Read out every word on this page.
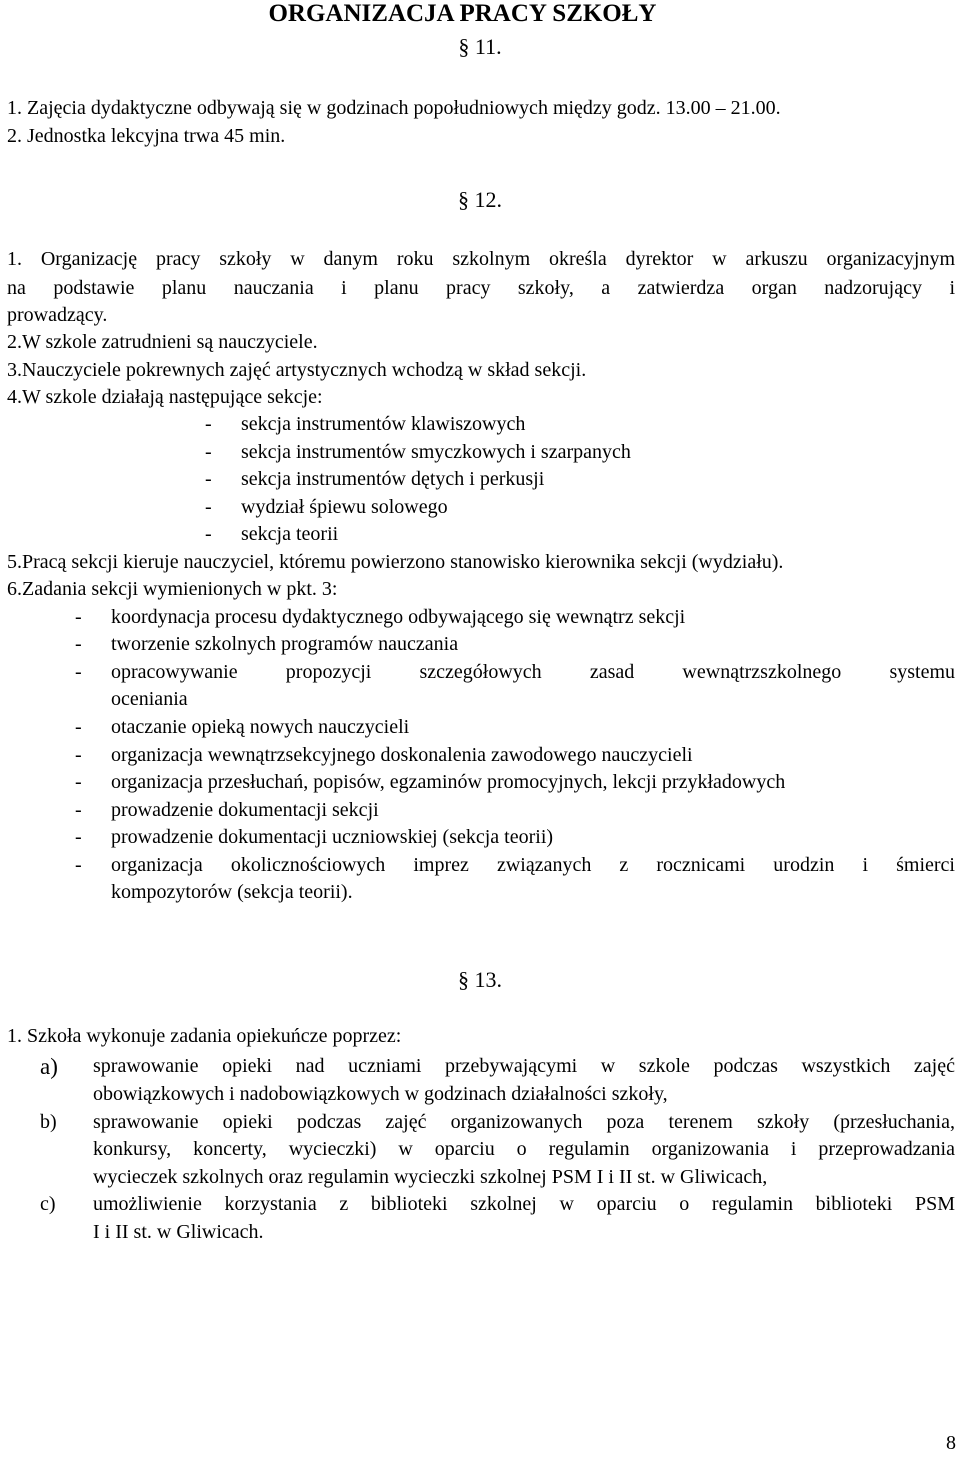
ORGANIZACJA PRACY SZKOŁY
§ 11.
1. Zajęcia dydaktyczne odbywają się w godzinach popołudniowych między godz. 13.00 – 21.00.
2. Jednostka lekcyjna trwa 45 min.
§ 12.
1. Organizację pracy szkoły w danym roku szkolnym określa dyrektor w arkuszu organizacyjnym
na podstawie planu nauczania i planu pracy szkoły, a zatwierdza organ nadzorujący i
prowadzący.
2.W szkole zatrudnieni są nauczyciele.
3.Nauczyciele pokrewnych zajęć artystycznych wchodzą w skład sekcji.
4.W szkole działają następujące sekcje:
- sekcja instrumentów klawiszowych
- sekcja instrumentów smyczkowych i szarpanych
- sekcja instrumentów dętych i perkusji
- wydział śpiewu solowego
- sekcja teorii
5.Pracą sekcji kieruje nauczyciel, któremu powierzono stanowisko kierownika sekcji (wydziału).
6.Zadania sekcji wymienionych w pkt. 3:
- koordynacja procesu dydaktycznego odbywającego się wewnątrz sekcji
- tworzenie szkolnych programów nauczania
- opracowywanie propozycji szczegółowych zasad wewnątrzszkolnego systemu
oceniania
- otaczanie opieką nowych nauczycieli
- organizacja wewnątrzsekcyjnego doskonalenia zawodowego nauczycieli
- organizacja przesłuchań, popisów, egzaminów promocyjnych, lekcji przykładowych
- prowadzenie dokumentacji sekcji
- prowadzenie dokumentacji uczniowskiej (sekcja teorii)
- organizacja okolicznościowych imprez związanych z rocznicami urodzin i śmierci
kompozytorów (sekcja teorii).
§ 13.
1. Szkoła wykonuje zadania opiekuńcze poprzez:
a) sprawowanie opieki nad uczniami przebywającymi w szkole podczas wszystkich zajęć
obowiązkowych i nadobowiązkowych w godzinach działalności szkoły,
b) sprawowanie opieki podczas zajęć organizowanych poza terenem szkoły (przesłuchania,
konkursy, koncerty, wycieczki) w oparciu o regulamin organizowania i przeprowadzania
wycieczek szkolnych oraz regulamin wycieczki szkolnej PSM I i II st. w Gliwicach,
c) umożliwienie korzystania z biblioteki szkolnej w oparciu o regulamin biblioteki PSM
I i II st. w Gliwicach.
8
